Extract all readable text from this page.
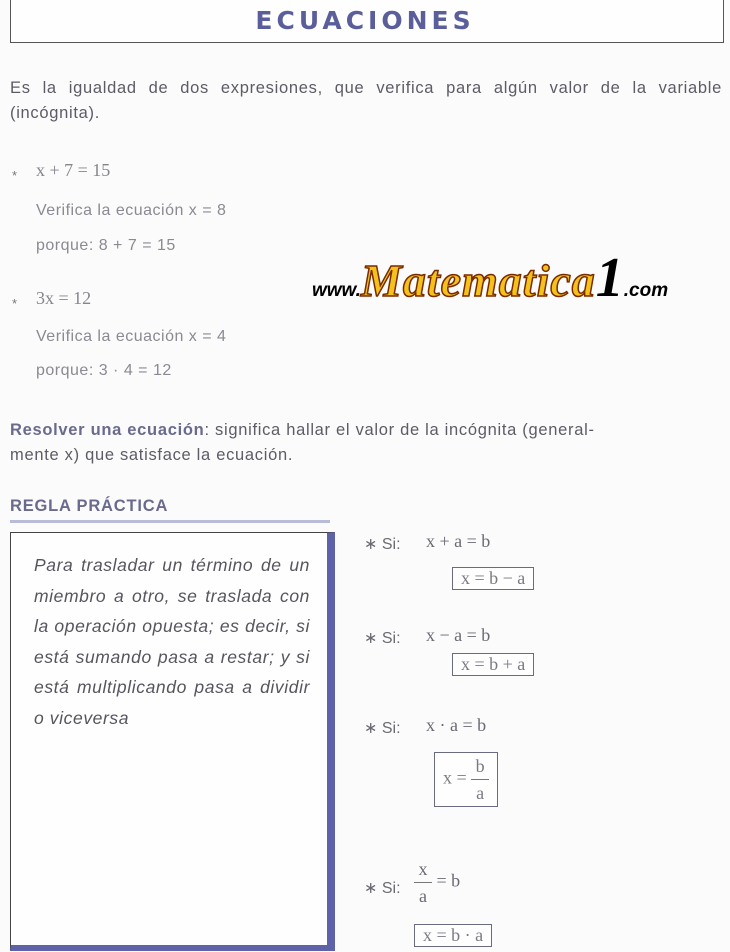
ECUACIONES
Es la igualdad de dos expresiones, que verifica para algún valor de la variable (incógnita).
* x + 7 = 15
Verifica la ecuación x = 8
porque: 8 + 7 = 15
* 3x = 12
Verifica la ecuación x = 4
porque: 3 · 4 = 12
www.Matematica1.com
Resolver una ecuación: significa hallar el valor de la incógnita (general-
mente x) que satisface la ecuación.
REGLA PRÁCTICA
Para trasladar un término de un miembro a otro, se traslada con la operación opuesta; es decir, si está sumando pasa a restar; y si está multiplicando pasa a dividir o viceversa
∗ Si: x + a = b
x = b − a
∗ Si: x − a = b
x = b + a
∗ Si: x · a = b
$x = \frac{b}{a}$
∗ Si: $\frac{x}{a} = b$
x = b · a
